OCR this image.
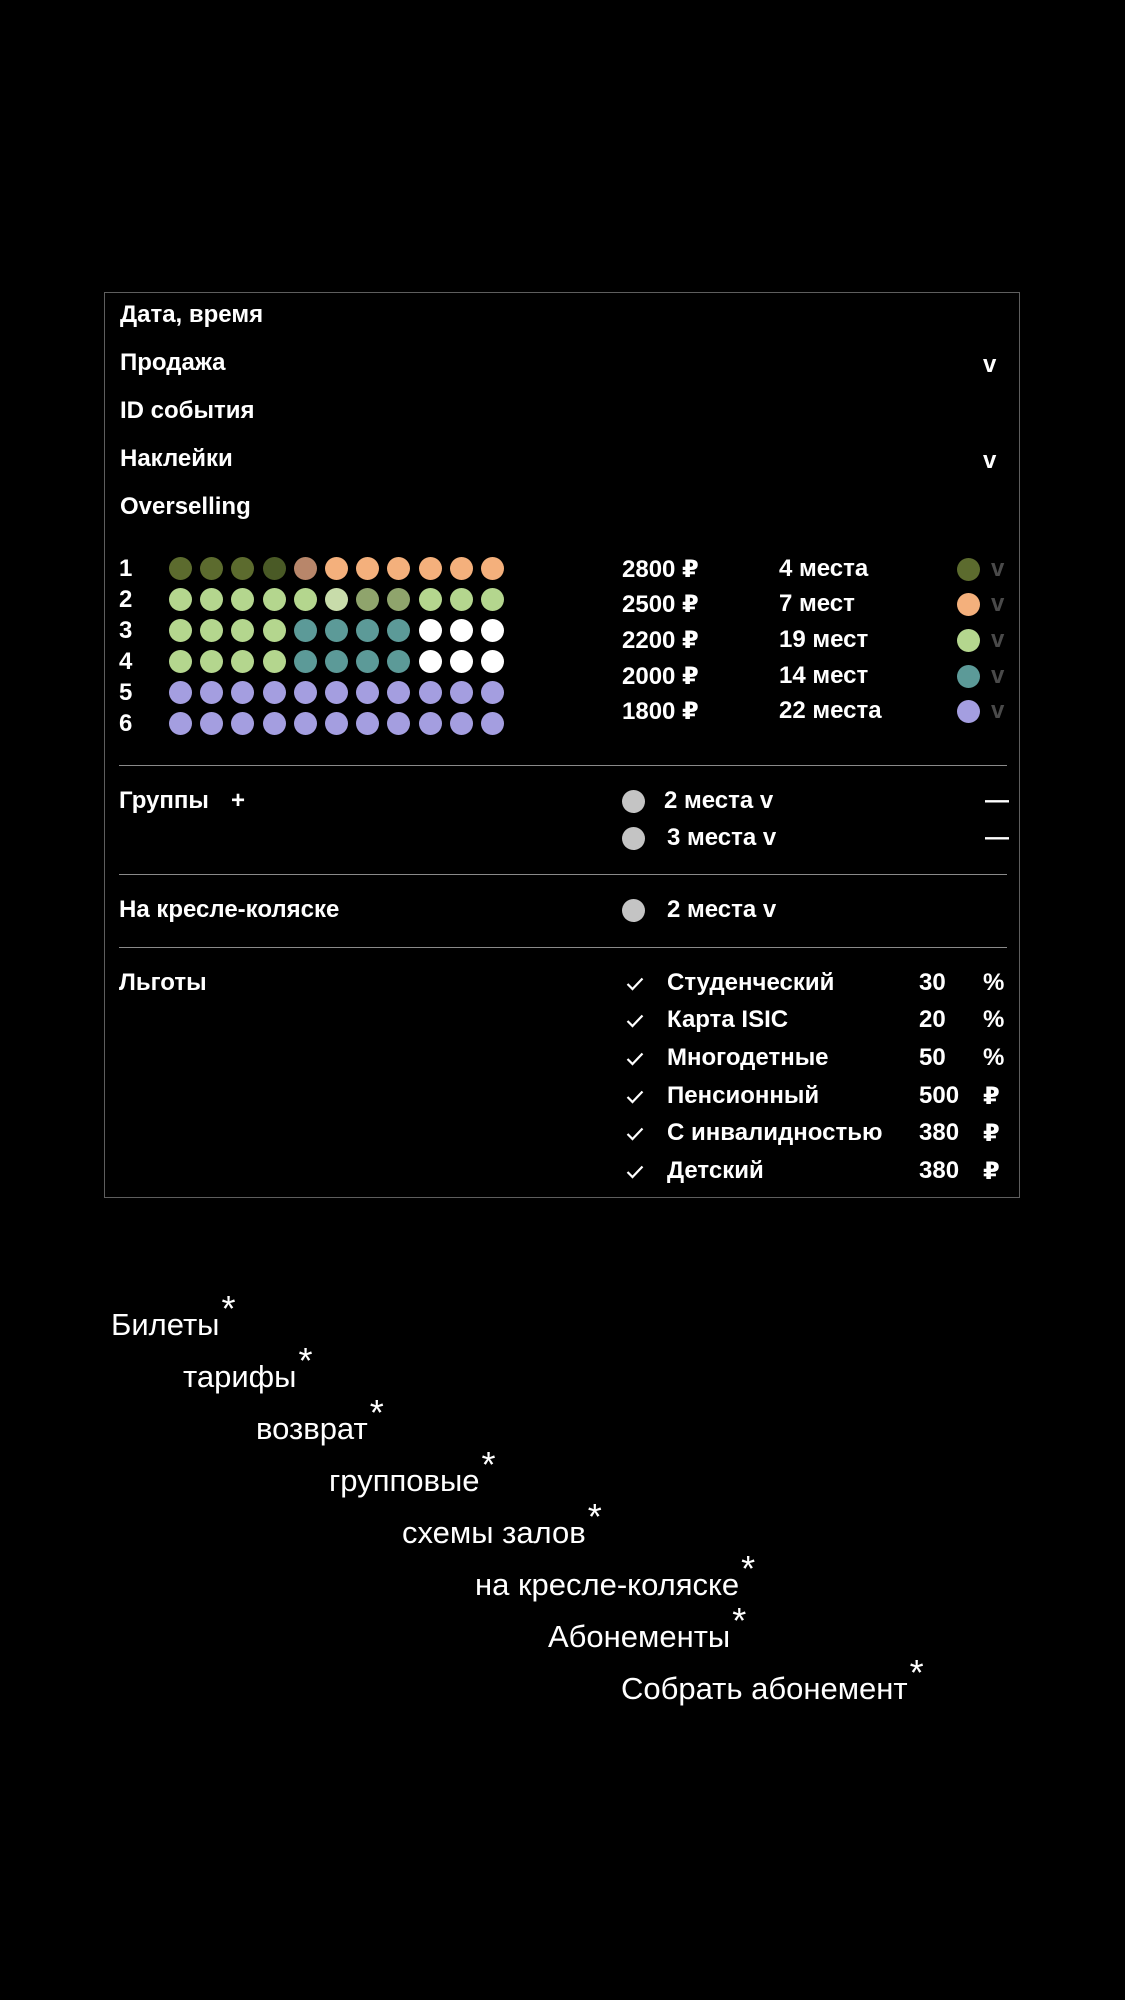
Дата, время
Продажа	v
ID события
Наклейки	v
Overselling
1
2
3
4
5
6
2800 ₽	4 места	v
2500 ₽	7 мест	v
2200 ₽	19 мест	v
2000 ₽	14 мест	v
1800 ₽	22 места	v
Группы +	2 места v	—
3 места v	—
На кресле-коляске	2 места v
Льготы	Студенческий	30 %
Карта ISIC	20 %
Многодетные	50 %
Пенсионный	500 ₽
С инвалидностью 380 ₽
Детский	380 ₽
Билеты*
тарифы*
возврат*
групповые*
схемы залов*
на кресле-коляске*
Абонементы*
Собрать абонемент*
